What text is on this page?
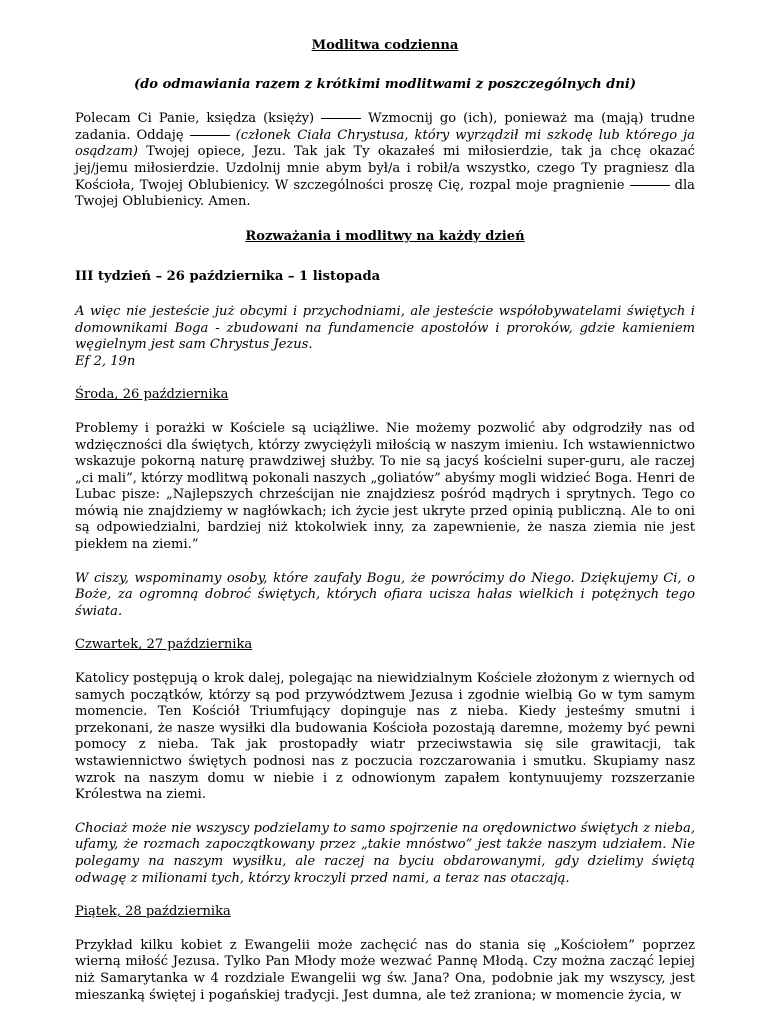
Modlitwa codzienna
(do odmawiania razem z krótkimi modlitwami z poszczególnych dni)

Polecam Ci Panie, księdza (księży)	Wzmocnij go (ich), ponieważ ma (mają) trudne zadania. Oddaję	(członek Ciała Chrystusa, który wyrządził mi szkodę lub którego ja osądzam) Twojej opiece, Jezu. Tak jak Ty okazałeś mi miłosierdzie, tak ja chcę okazać jej/jemu miłosierdzie. Uzdolnij mnie abym był/a i robił/a wszystko, czego Ty pragniesz dla Kościoła, Twojej Oblubienicy. W szczególności proszę Cię, rozpal moje pragnienie	dla Twojej Oblubienicy. Amen.

Rozważania i modlitwy na każdy dzień
III tydzień – 26 października – 1 listopada

A więc nie jesteście już obcymi i przychodniami, ale jesteście współobywatelami świętych i domownikami Boga - zbudowani na fundamencie apostołów i proroków, gdzie kamieniem węgielnym jest sam Chrystus Jezus.

Ef 2, 19n
Środa, 26 października

Problemy i porażki w Kościele są uciążliwe. Nie możemy pozwolić aby odgrodziły nas od wdzięczności dla świętych, którzy zwyciężyli miłością w naszym imieniu. Ich wstawiennictwo wskazuje pokorną naturę prawdziwej służby. To nie są jacyś kościelni super-guru, ale raczej „ci mali”, którzy modlitwą pokonali naszych „goliatów” abyśmy mogli widzieć Boga. Henri de Lubac pisze: „Najlepszych chrześcijan nie znajdziesz pośród mądrych i sprytnych. Tego co mówią nie znajdziemy w nagłówkach; ich życie jest ukryte przed opinią publiczną. Ale to oni są odpowiedzialni, bardziej niż ktokolwiek inny, za zapewnienie, że nasza ziemia nie jest piekłem na ziemi.”

W ciszy, wspominamy osoby, które zaufały Bogu, że powrócimy do Niego. Dziękujemy Ci, o Boże, za ogromną dobroć świętych, których ofiara ucisza hałas wielkich i potężnych tego świata.

Czwartek, 27 października

Katolicy postępują o krok dalej, polegając na niewidzialnym Kościele złożonym z wiernych od samych początków, którzy są pod przywództwem Jezusa i zgodnie wielbią Go w tym samym momencie. Ten Kościół Triumfujący dopinguje nas z nieba. Kiedy jesteśmy smutni i przekonani, że nasze wysiłki dla budowania Kościoła pozostają daremne, możemy być pewni pomocy z nieba. Tak jak prostopadły wiatr przeciwstawia się sile grawitacji, tak wstawiennictwo świętych podnosi nas z poczucia rozczarowania i smutku. Skupiamy nasz wzrok na naszym domu w niebie i z odnowionym zapałem kontynuujemy rozszerzanie Królestwa na ziemi.

Chociaż może nie wszyscy podzielamy to samo spojrzenie na orędownictwo świętych z nieba, ufamy, że rozmach zapoczątkowany przez „takie mnóstwo” jest także naszym udziałem. Nie polegamy na naszym wysiłku, ale raczej na byciu obdarowanymi, gdy dzielimy świętą odwagę z milionami tych, którzy kroczyli przed nami, a teraz nas otaczają.

Piątek, 28 października

Przykład kilku kobiet z Ewangelii może zachęcić nas do stania się „Kościołem” poprzez wierną miłość Jezusa. Tylko Pan Młody może wezwać Pannę Młodą. Czy można zacząć lepiej niż Samarytanka w 4 rozdziale Ewangelii wg św. Jana? Ona, podobnie jak my wszyscy, jest mieszanką świętej i pogańskiej tradycji. Jest dumna, ale też zraniona; w momencie życia, w
